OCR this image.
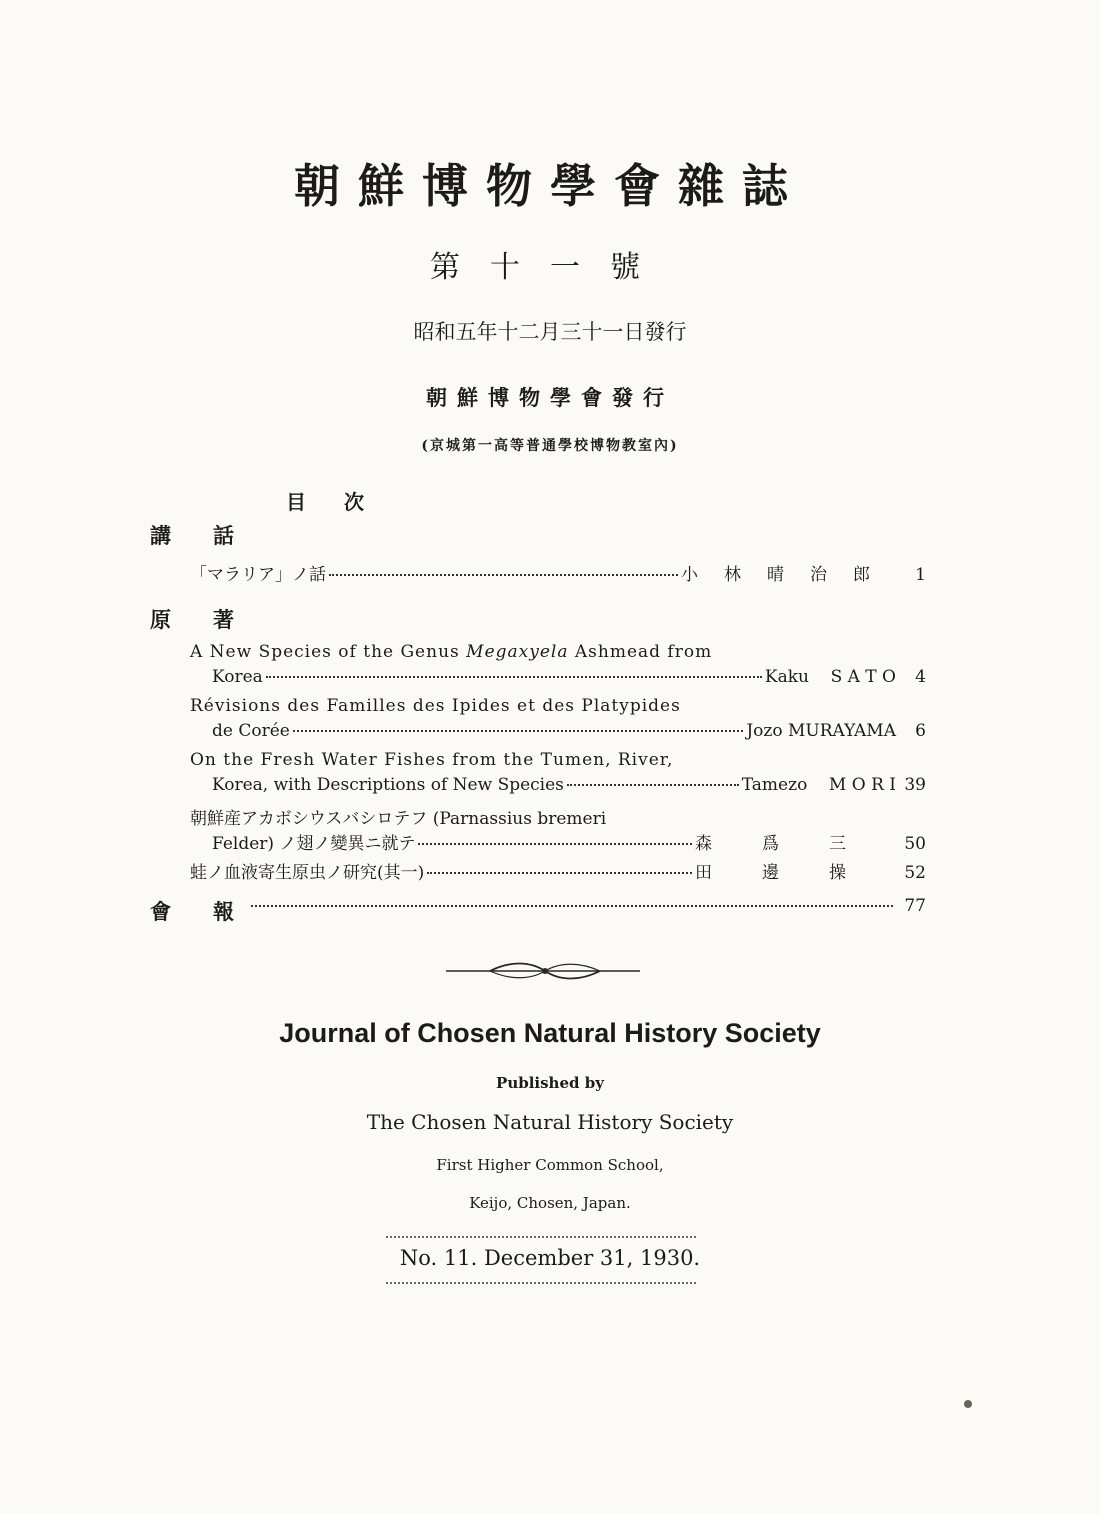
朝鮮博物學會雜誌
第十一號
昭和五年十二月三十一日發行
朝鮮博物學會發行
(京城第一高等普通學校博物教室內)
目次
講話
「マラリア」ノ話	小林晴治郎	1
原著
A New Species of the Genus Megaxyela Ashmead from
Korea	Kaku    S A T O	4
Révisions des Familles des Ipides et des Platypides
de Corée	Jozo MURAYAMA	6
On the Fresh Water Fishes from the Tumen, River,
Korea, with Descriptions of New Species	Tamezo    M O R I 39
朝鮮産アカボシウスバシロテフ (Parnassius bremeri
Felder) ノ翅ノ變異ニ就テ	森爲三 50
蛙ノ血液寄生原虫ノ研究(其一)	田邊操 52
會報	77
Journal of Chosen Natural History Society
Published by
The Chosen Natural History Society
First Higher Common School,
Keijo, Chosen, Japan.
No. 11. December 31, 1930.
